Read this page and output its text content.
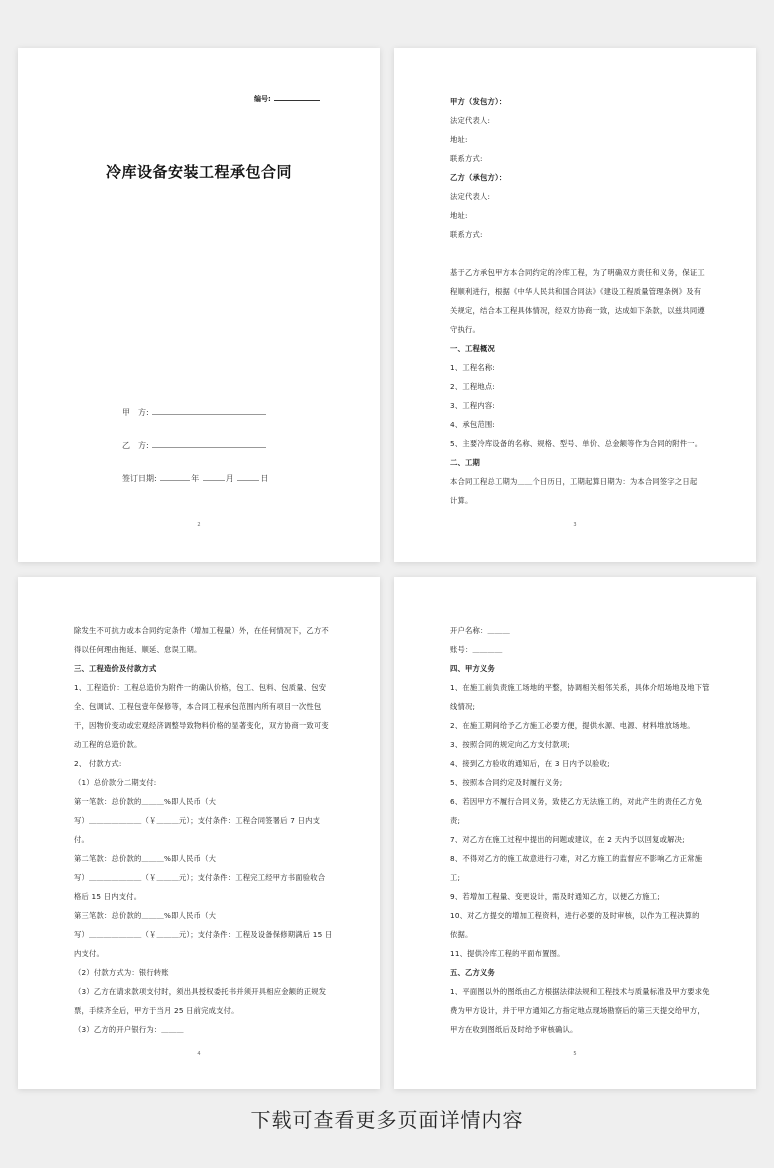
编号:
冷库设备安装工程承包合同
甲　方:
乙　方:
签订日期:	年	月	日
2
甲方（发包方）：
法定代表人:
地址:
联系方式:
乙方（承包方）：
法定代表人:
地址:
联系方式:

基于乙方承包甲方本合同约定的冷库工程，为了明确双方责任和义务，保证工
程顺利进行，根据《中华人民共和国合同法》《建设工程质量管理条例》及有
关规定，结合本工程具体情况，经双方协商一致，达成如下条款，以兹共同遵
守执行。
一、工程概况
1、工程名称:
2、工程地点:
3、工程内容:
4、承包范围:
5、主要冷库设备的名称、规格、型号、单价、总金额等作为合同的附件一。
二、工期
本合同工程总工期为＿＿个日历日，工期起算日期为：为本合同签字之日起
计算。
3
除发生不可抗力或本合同约定条件（增加工程量）外，在任何情况下，乙方不
得以任何理由拖延、顺延、怠误工期。
三、工程造价及付款方式
1、工程造价：工程总造价为附件一的确认价格，包工、包料、包质量、包安
全、包调试、工程包壹年保修等，本合同工程承包范围内所有项目一次性包
干，因物价变动或宏观经济调整导致物料价格的显著变化，双方协商一致可变
动工程的总造价款。
2、 付款方式:
（1）总价款分二期支付:
第一笔款：总价款的＿＿＿%即人民币（大
写）＿＿＿＿＿＿＿（￥＿＿＿元）；支付条件：工程合同签署后 7 日内支
付。
第二笔款：总价款的＿＿＿%即人民币（大
写）＿＿＿＿＿＿＿（￥＿＿＿元）；支付条件：工程完工经甲方书面验收合
格后 15 日内支付。
第三笔款：总价款的＿＿＿%即人民币（大
写）＿＿＿＿＿＿＿（￥＿＿＿元）；支付条件：工程及设备保修期满后 15 日
内支付。
（2）付款方式为：银行转账
（3）乙方在请求款项支付时，须出具授权委托书并须开具相应金额的正规发
票，手续齐全后，甲方于当月 25 日前完成支付。
（3）乙方的开户银行为：＿＿＿
4
开户名称：＿＿＿
账号：＿＿＿＿
四、甲方义务
1、在施工前负责施工场地的平整，协调相关相邻关系，具体介绍场地及地下管
线情况;
2、在施工期间给予乙方施工必要方便，提供水源、电源、材料堆放场地。
3、按照合同的规定向乙方支付款项;
4、接到乙方验收的通知后，在 3 日内予以验收;
5、按照本合同约定及时履行义务;
6、若因甲方不履行合同义务，致使乙方无法施工的，对此产生的责任乙方免
责;
7、对乙方在施工过程中提出的问题或建议，在 2 天内予以回复或解决;
8、不得对乙方的施工故意进行刁难，对乙方施工的监督应不影响乙方正常施
工;
9、若增加工程量、变更设计，需及时通知乙方，以便乙方施工;
10、对乙方提交的增加工程资料，进行必要的及时审核，以作为工程决算的
依据。
11、提供冷库工程的平面布置图。
五、乙方义务
1、平面图以外的图纸由乙方根据法律法规和工程技术与质量标准及甲方要求免
费为甲方设计，并于甲方通知乙方指定地点现场勘察后的第三天提交给甲方，
甲方在收到图纸后及时给予审核确认。
5
下载可查看更多页面详情内容
